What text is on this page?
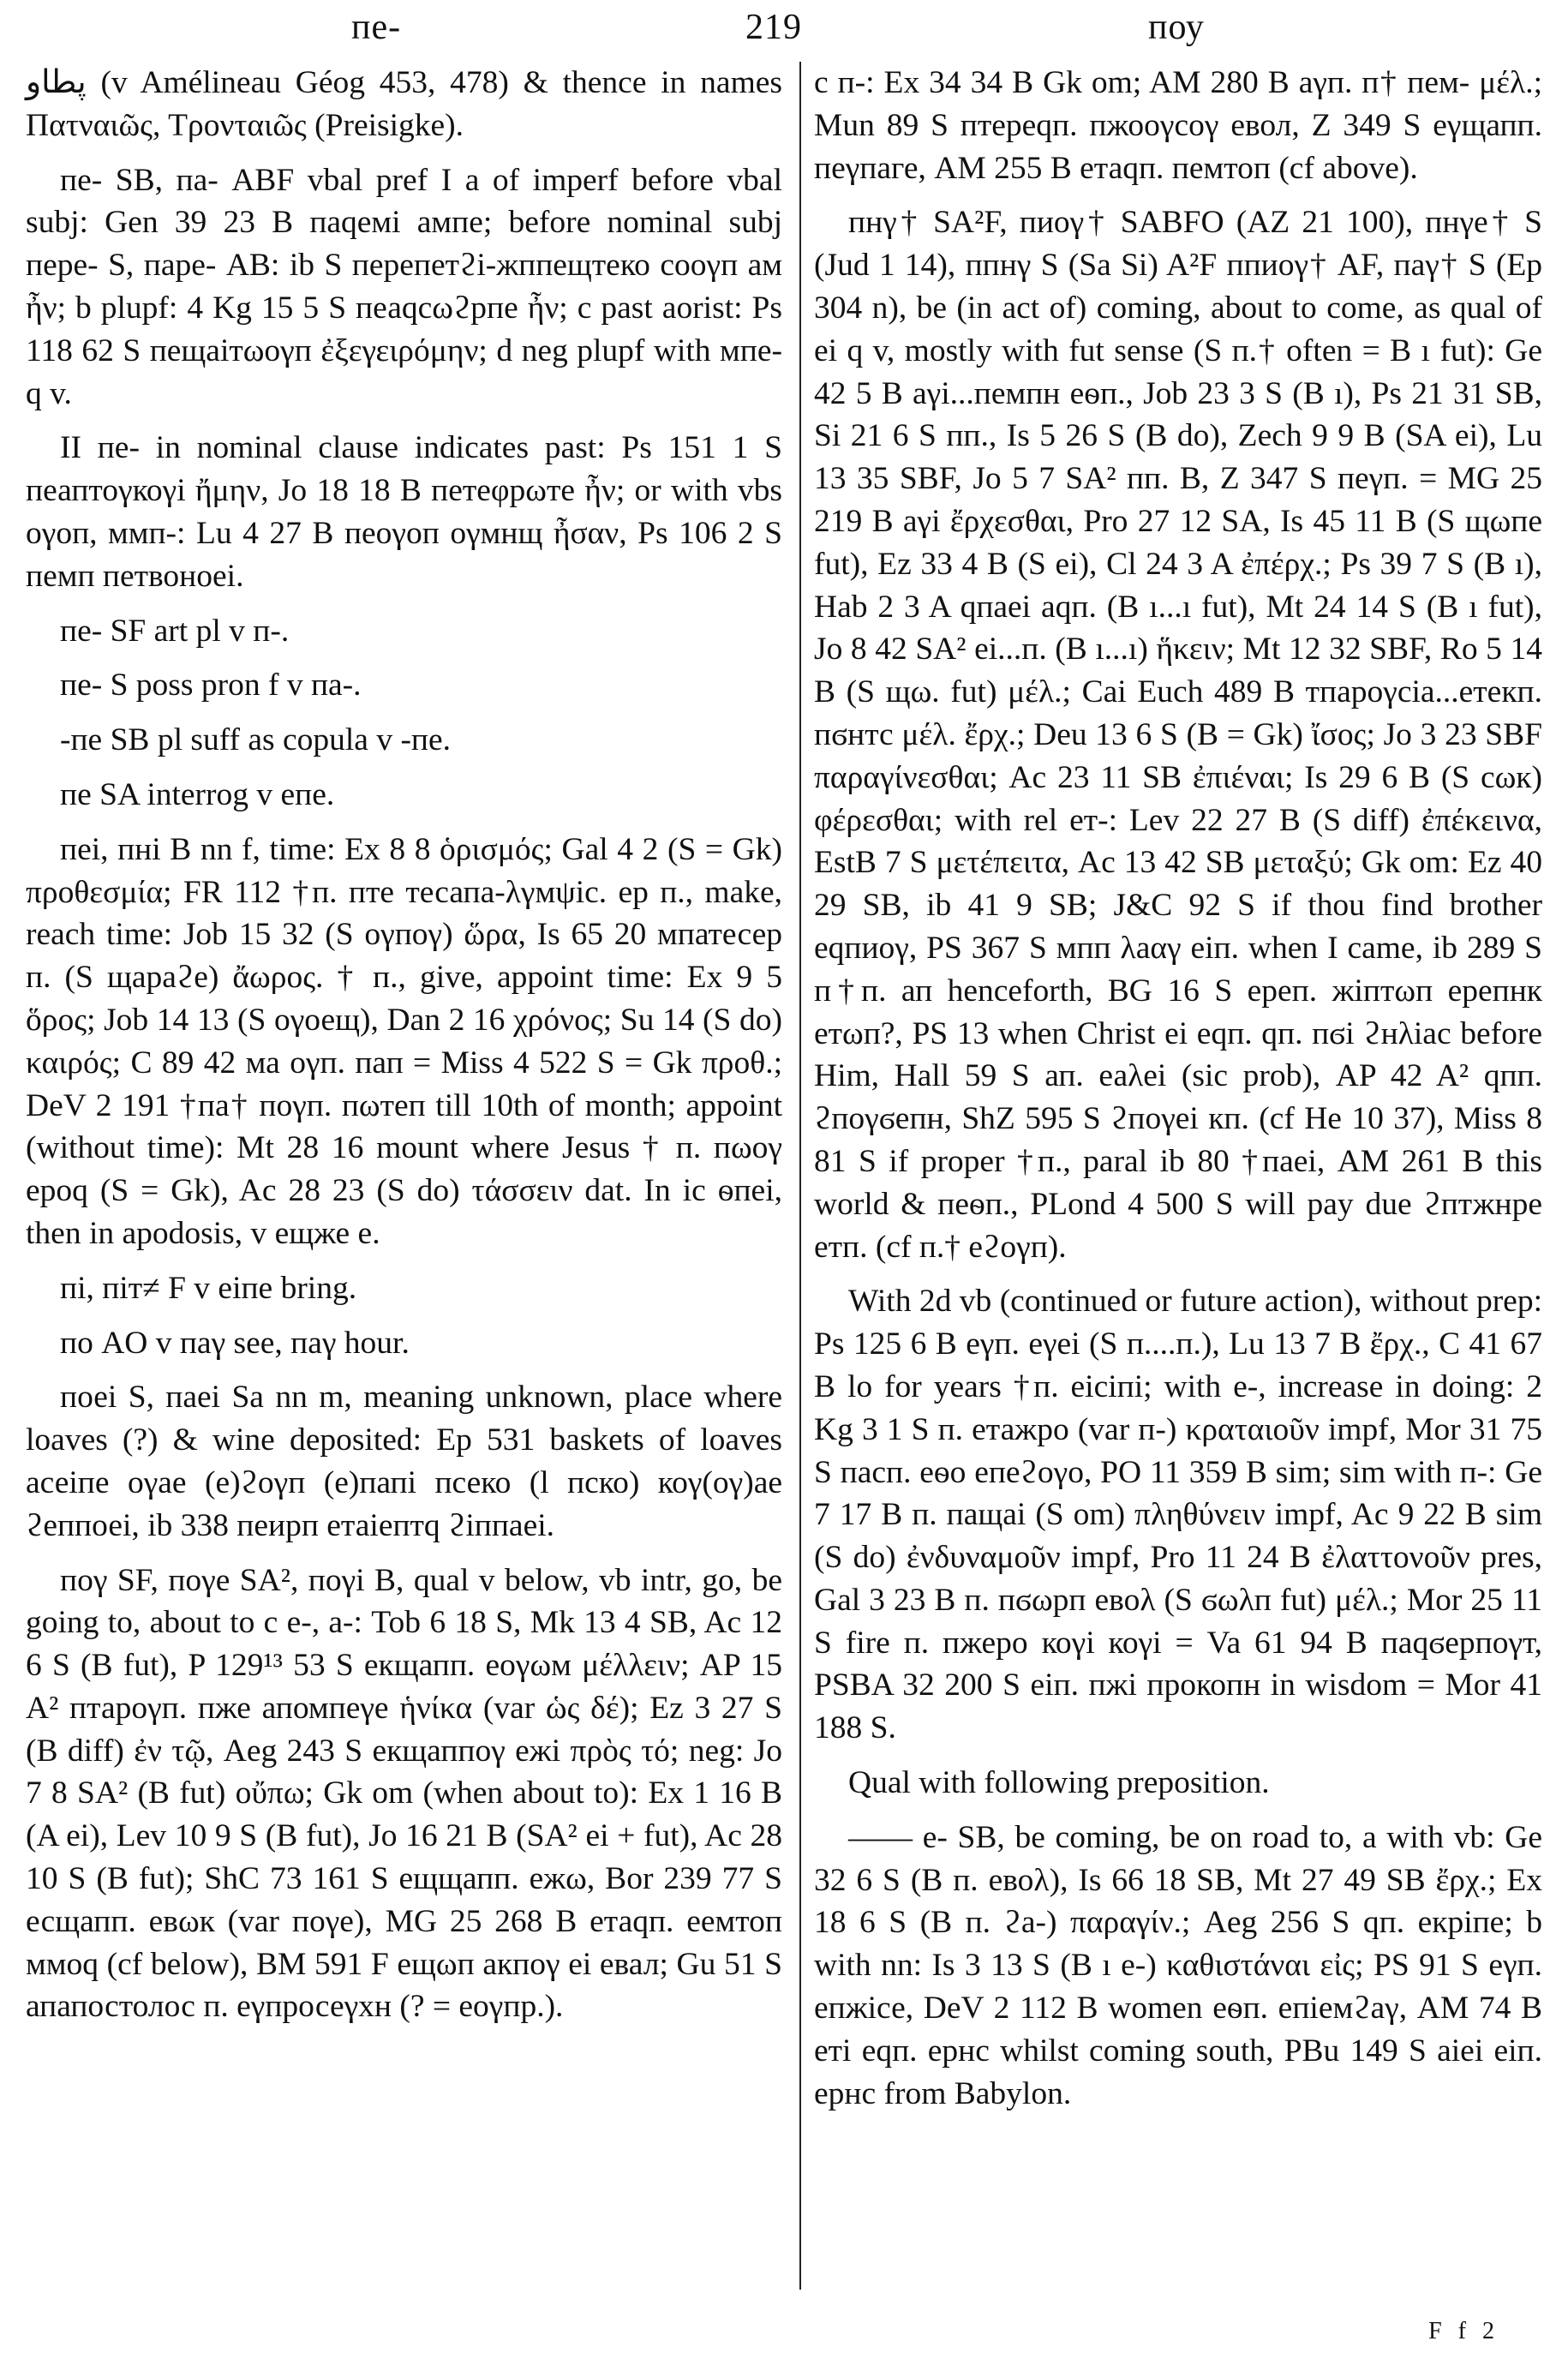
пе-	219	поу

ﭘﻄﺎﻭ (v Amélineau Géog 453, 478) & thence in names Πατναιῶς, Τρονταιῶς (Preisigke).

пе- SB, па- ABF vbal pref I a of imperf before vbal subj: Gen 39 23 B паqемі ампе; before nominal subj пере- S, паре- AB: ib S перепетϩі-жппещтеко cooγп ам ἦν; b plupf: 4 Kg 15 5 S пеаqсωϩрпе ἦν; c past aorist: Ps 118 62 S пещаітωоγп ἐξεγειρόμην; d neg plupf with мпе- q v.

II пе- in nominal clause indicates past: Ps 151 1 S пеаптоγкоγі ἤμην, Jo 18 18 B петеφрωте ἦν; or with vbs оγоп, ммп-: Lu 4 27 B пеоγоп оγмнщ ἦσαν, Ps 106 2 S пемп петвонοеі.

пе- SF art pl v п-.

пе- S poss pron f v па-.

-пе SB pl suff as copula v -пе.

пе SA interrog v епе.

пеі, пні B nn f, time: Ex 8 8 ὁρισμός; Gal 4 2 (S = Gk) προθεσμία; FR 112 †п. пте тесапа-λγмψіс. ер п., make, reach time: Job 15 32 (S оγпоγ) ὥρα, Is 65 20 мпатесер п. (S щараϩе) ἄωρος. † п., give, appoint time: Ex 9 5 ὅρος; Job 14 13 (S оγоещ), Dan 2 16 χρόνος; Su 14 (S do) καιρός; C 89 42 ма оγп. пап = Miss 4 522 S = Gk προθ.; DeV 2 191 †па† поγп. пωтеп till 10th of month; appoint (without time): Mt 28 16 mount where Jesus † п. пωоγ ероq (S = Gk), Ac 28 23 (S do) τάσσειν dat. In іс ѳпеі, then in apodosis, v ещже е.

пі, піт≠ F v еіпе bring.

по AO v паγ see, паγ hour.

поеі S, паеі Sa nn m, meaning unknown, place where loaves (?) & wine deposited: Ep 531 baskets of loaves асеіпе оγае (е)ϩоγп (е)папі псеко (l пско) коγ(оγ)ае ϩеппоеі, ib 338 пеирп етаіептq ϩіппаеі.

поγ SF, поγе SA², поγі B, qual v below, vb intr, go, be going to, about to c е-, а-: Tob 6 18 S, Mk 13 4 SB, Ac 12 6 S (B fut), P 129¹³ 53 S екщапп. еоγωм μέλλειν; AP 15 A² птароγп. пже апомпеγе ἡνίκα (var ὡς δέ); Ez 3 27 S (B diff) ἐν τῷ, Aeg 243 S екщаппоγ ежі πρὸς τό; neg: Jo 7 8 SA² (B fut) οὔπω; Gk om (when about to): Ex 1 16 B (A еі), Lev 10 9 S (B fut), Jo 16 21 B (SA² еі + fut), Ac 28 10 S (B fut); ShC 73 161 S ещщапп. ежω, Bor 239 77 S есщапп. евωк (var поγе), MG 25 268 B етаqп. еемтоп ммоq (cf below), BM 591 F ещωп акпоγ еі евал; Gu 51 S апапостолос п. еγпросеγхн (? = еоγпр.).

с п-: Ex 34 34 B Gk om; AM 280 B аγп. п† пем- μέλ.; Mun 89 S птереqп. пжооγсоγ евол, Z 349 S еγщапп. пеγпаге, AM 255 B етаqп. пемтоп (cf above).

пнγ† SA²F, пиоγ† SABFO (AZ 21 100), пнγе† S (Jud 1 14), ппнγ S (Sa Si) A²F ппиоγ† AF, паγ† S (Ep 304 n), be (in act of) coming, about to come, as qual of еі q v, mostly with fut sense (S п.† often = B ı fut): Ge 42 5 B аγі...пемпн еѳп., Job 23 3 S (B ı), Ps 21 31 SB, Si 21 6 S пп., Is 5 26 S (B do), Zech 9 9 B (SA еі), Lu 13 35 SBF, Jo 5 7 SA² пп. B, Z 347 S пеγп. = MG 25 219 B аγі ἔρχεσθαι, Pro 27 12 SA, Is 45 11 B (S щωпе fut), Ez 33 4 B (S еі), Cl 24 3 A ἐπέρχ.; Ps 39 7 S (B ı), Hab 2 3 A qпаеі аqп. (B ı...ı fut), Mt 24 14 S (B ı fut), Jo 8 42 SA² еі...п. (B ı...ı) ἥκειν; Mt 12 32 SBF, Ro 5 14 B (S щω. fut) μέλ.; Cai Euch 489 B тпароγсіа...етекп. пϭнтс μέλ. ἔρχ.; Deu 13 6 S (B = Gk) ἴσος; Jo 3 23 SBF παραγίνεσθαι; Ac 23 11 SB ἐπιέναι; Is 29 6 B (S сωк) φέρεσθαι; with rel ет-: Lev 22 27 B (S diff) ἐπέκεινα, EstB 7 S μετέπειτα, Ac 13 42 SB μεταξύ; Gk om: Ez 40 29 SB, ib 41 9 SB; J&C 92 S if thou find brother еqпиоγ, PS 367 S мпп λаαγ еіп. when I came, ib 289 S п†п. ап henceforth, BG 16 S ереп. жіптωп ерепнк етωп?, PS 13 when Christ еі еqп. qп. пϭі ϩнλіас before Him, Hall 59 S ап. еаλеі (sic prob), AP 42 A² qпп. ϩпоγϭепн, ShZ 595 S ϩпоγеі кп. (cf He 10 37), Miss 8 81 S if proper †п., paral ib 80 †паеі, AM 261 B this world & пеѳп., PLond 4 500 S will pay due ϩптжнре етп. (cf п.† еϩоγп).

With 2d vb (continued or future action), without prep: Ps 125 6 B еγп. еγеі (S п....п.), Lu 13 7 B ἔρχ., C 41 67 B lo for years †п. еісіпі; with е-, increase in doing: 2 Kg 3 1 S п. етажро (var п-) κραταιοῦν impf, Mor 31 75 S пасп. еѳо епеϩоγо, PO 11 359 B sim; sim with п-: Ge 7 17 B п. пащаі (S om) πληθύνειν impf, Ac 9 22 B sim (S do) ἐνδυναμοῦν impf, Pro 11 24 B ἐλαττονοῦν pres, Gal 3 23 B п. пϭωрп евоλ (S ϭωλп fut) μέλ.; Mor 25 11 S fire п. пжеро коγі коγі = Va 61 94 B паqϭерпоγт, PSBA 32 200 S еіп. пжі прокопн in wisdom = Mor 41 188 S.

Qual with following preposition.

—— е- SB, be coming, be on road to, a with vb: Ge 32 6 S (B п. евоλ), Is 66 18 SB, Mt 27 49 SB ἔρχ.; Ex 18 6 S (B п. ϩа-) παραγίν.; Aeg 256 S qп. екріпе; b with nn: Is 3 13 S (B ı е-) καθιστάναι εἰς; PS 91 S еγп. епжісе, DeV 2 112 B women еѳп. епіемϩаγ, AM 74 B еті еqп. ернс whilst coming south, PBu 149 S аіеі еіп. ернс from Babylon.

F f 2
